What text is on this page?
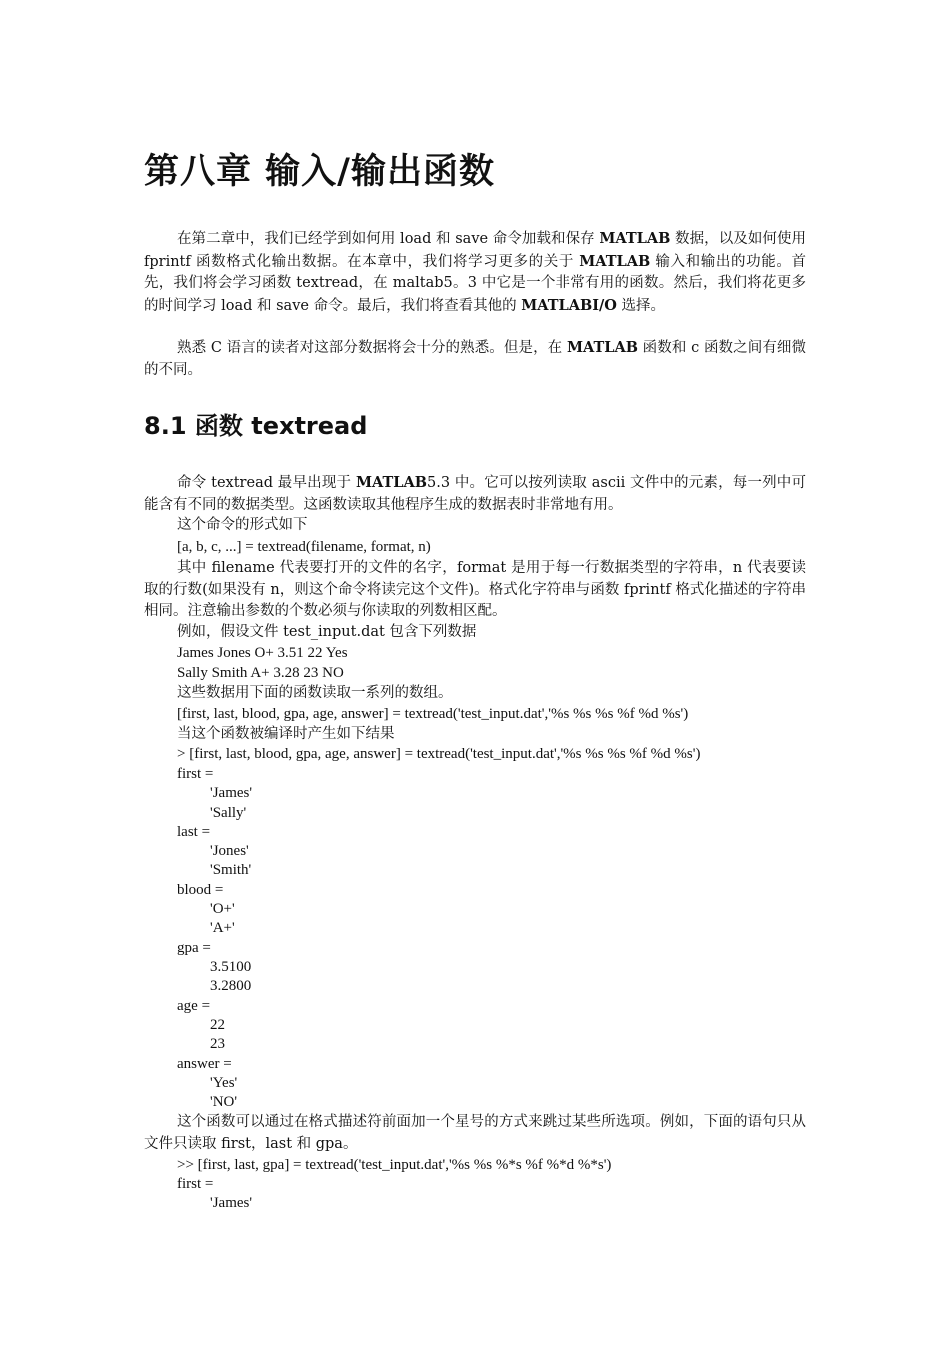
第八章 输入/输出函数

在第二章中，我们已经学到如何用 load 和 save 命令加载和保存 MATLAB 数据，以及如何使用 fprintf 函数格式化输出数据。在本章中，我们将学习更多的关于 MATLAB 输入和输出的功能。首先，我们将会学习函数 textread，在 maltab5。3 中它是一个非常有用的函数。然后，我们将花更多的时间学习 load 和 save 命令。最后，我们将查看其他的 MATLABI/O 选择。

熟悉 C 语言的读者对这部分数据将会十分的熟悉。但是，在 MATLAB 函数和 c 函数之间有细微的不同。

8.1 函数 textread

命令 textread 最早出现于 MATLAB5.3 中。它可以按列读取 ascii 文件中的元素，每一列中可能含有不同的数据类型。这函数读取其他程序生成的数据表时非常地有用。

这个命令的形式如下
[a, b, c, ...] = textread(filename, format, n)

其中 filename 代表要打开的文件的名字，format 是用于每一行数据类型的字符串，n 代表要读取的行数(如果没有 n，则这个命令将读完这个文件)。格式化字符串与函数 fprintf 格式化描述的字符串相同。注意输出参数的个数必须与你读取的列数相区配。

例如，假设文件 test_input.dat 包含下列数据
James Jones O+ 3.51 22 Yes
Sally Smith A+ 3.28 23 NO
这些数据用下面的函数读取一系列的数组。
[first, last, blood, gpa, age, answer] = textread('test_input.dat','%s %s %s %f %d %s')
当这个函数被编译时产生如下结果
> [first, last, blood, gpa, age, answer] = textread('test_input.dat','%s %s %s %f %d %s')
first =
'James'
'Sally'
last =
'Jones'
'Smith'
blood =
'O+'
'A+'
gpa =
3.5100
3.2800
age =
22
23
answer =
'Yes'
'NO'

这个函数可以通过在格式描述符前面加一个星号的方式来跳过某些所选项。例如，下面的语句只从文件只读取 first，last 和 gpa。

>> [first, last, gpa] = textread('test_input.dat','%s %s %*s %f %*d %*s')
first =
'James'
